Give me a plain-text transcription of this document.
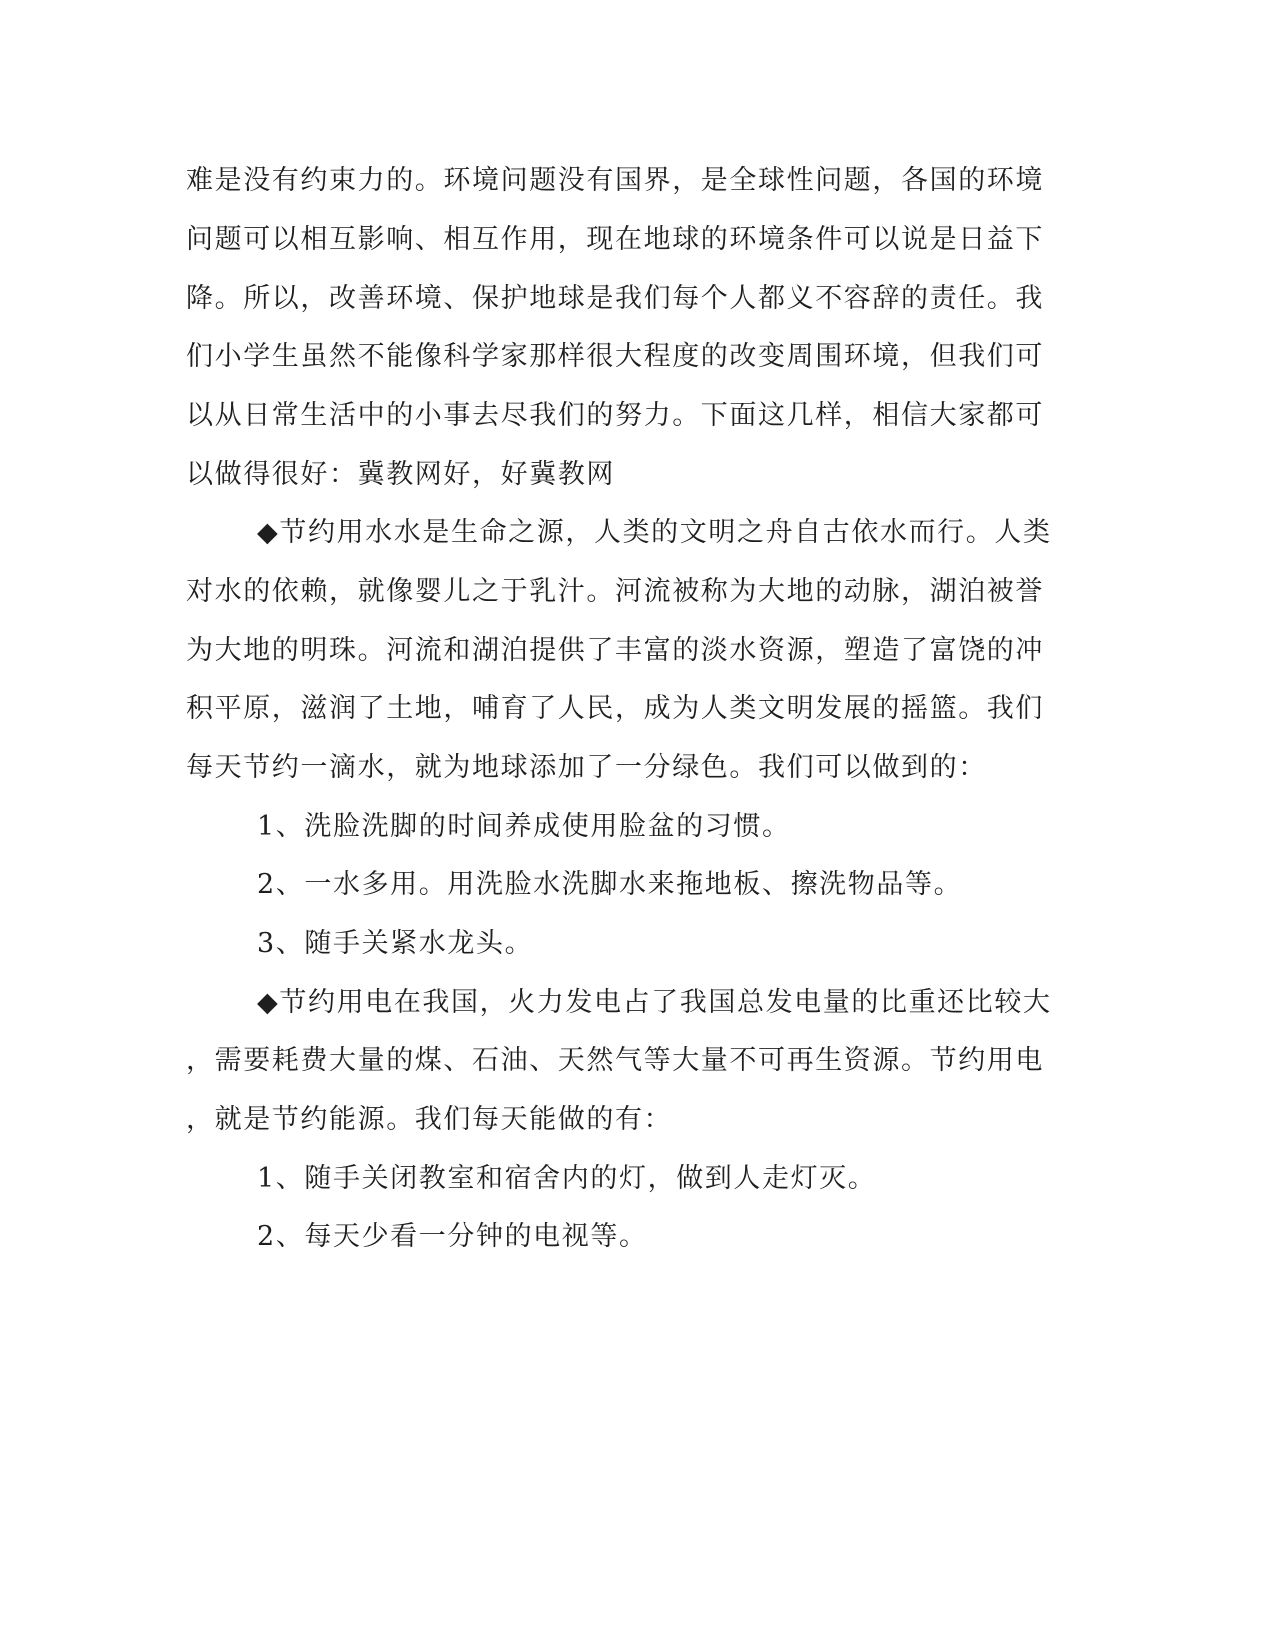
难是没有约束力的。环境问题没有国界，是全球性问题，各国的环境
问题可以相互影响、相互作用，现在地球的环境条件可以说是日益下
降。所以，改善环境、保护地球是我们每个人都义不容辞的责任。我
们小学生虽然不能像科学家那样很大程度的改变周围环境，但我们可
以从日常生活中的小事去尽我们的努力。下面这几样，相信大家都可
以做得很好：冀教网好，好冀教网
◆节约用水水是生命之源，人类的文明之舟自古依水而行。人类
对水的依赖，就像婴儿之于乳汁。河流被称为大地的动脉，湖泊被誉
为大地的明珠。河流和湖泊提供了丰富的淡水资源，塑造了富饶的冲
积平原，滋润了土地，哺育了人民，成为人类文明发展的摇篮。我们
每天节约一滴水，就为地球添加了一分绿色。我们可以做到的：
1、洗脸洗脚的时间养成使用脸盆的习惯。
2、一水多用。用洗脸水洗脚水来拖地板、擦洗物品等。
3、随手关紧水龙头。
◆节约用电在我国，火力发电占了我国总发电量的比重还比较大
，需要耗费大量的煤、石油、天然气等大量不可再生资源。节约用电
，就是节约能源。我们每天能做的有：
1、随手关闭教室和宿舍内的灯，做到人走灯灭。
2、每天少看一分钟的电视等。
